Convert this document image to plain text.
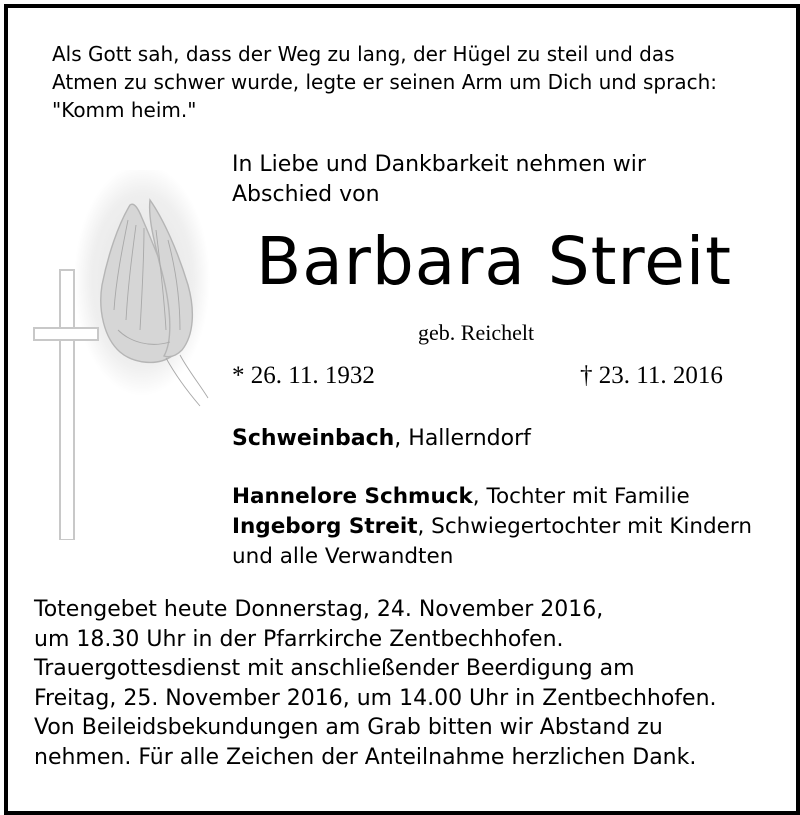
Als Gott sah, dass der Weg zu lang, der Hügel zu steil und das
Atmen zu schwer wurde, legte er seinen Arm um Dich und sprach:
"Komm heim."
In Liebe und Dankbarkeit nehmen wir
Abschied von
Barbara Streit
geb. Reichelt
* 26. 11. 1932	† 23. 11. 2016
Schweinbach, Hallerndorf
Hannelore Schmuck, Tochter mit Familie
Ingeborg Streit, Schwiegertochter mit Kindern
und alle Verwandten
Totengebet heute Donnerstag, 24. November 2016,
um 18.30 Uhr in der Pfarrkirche Zentbechhofen.
Trauergottesdienst mit anschließender Beerdigung am
Freitag, 25. November 2016, um 14.00 Uhr in Zentbechhofen.
Von Beileidsbekundungen am Grab bitten wir Abstand zu
nehmen. Für alle Zeichen der Anteilnahme herzlichen Dank.
